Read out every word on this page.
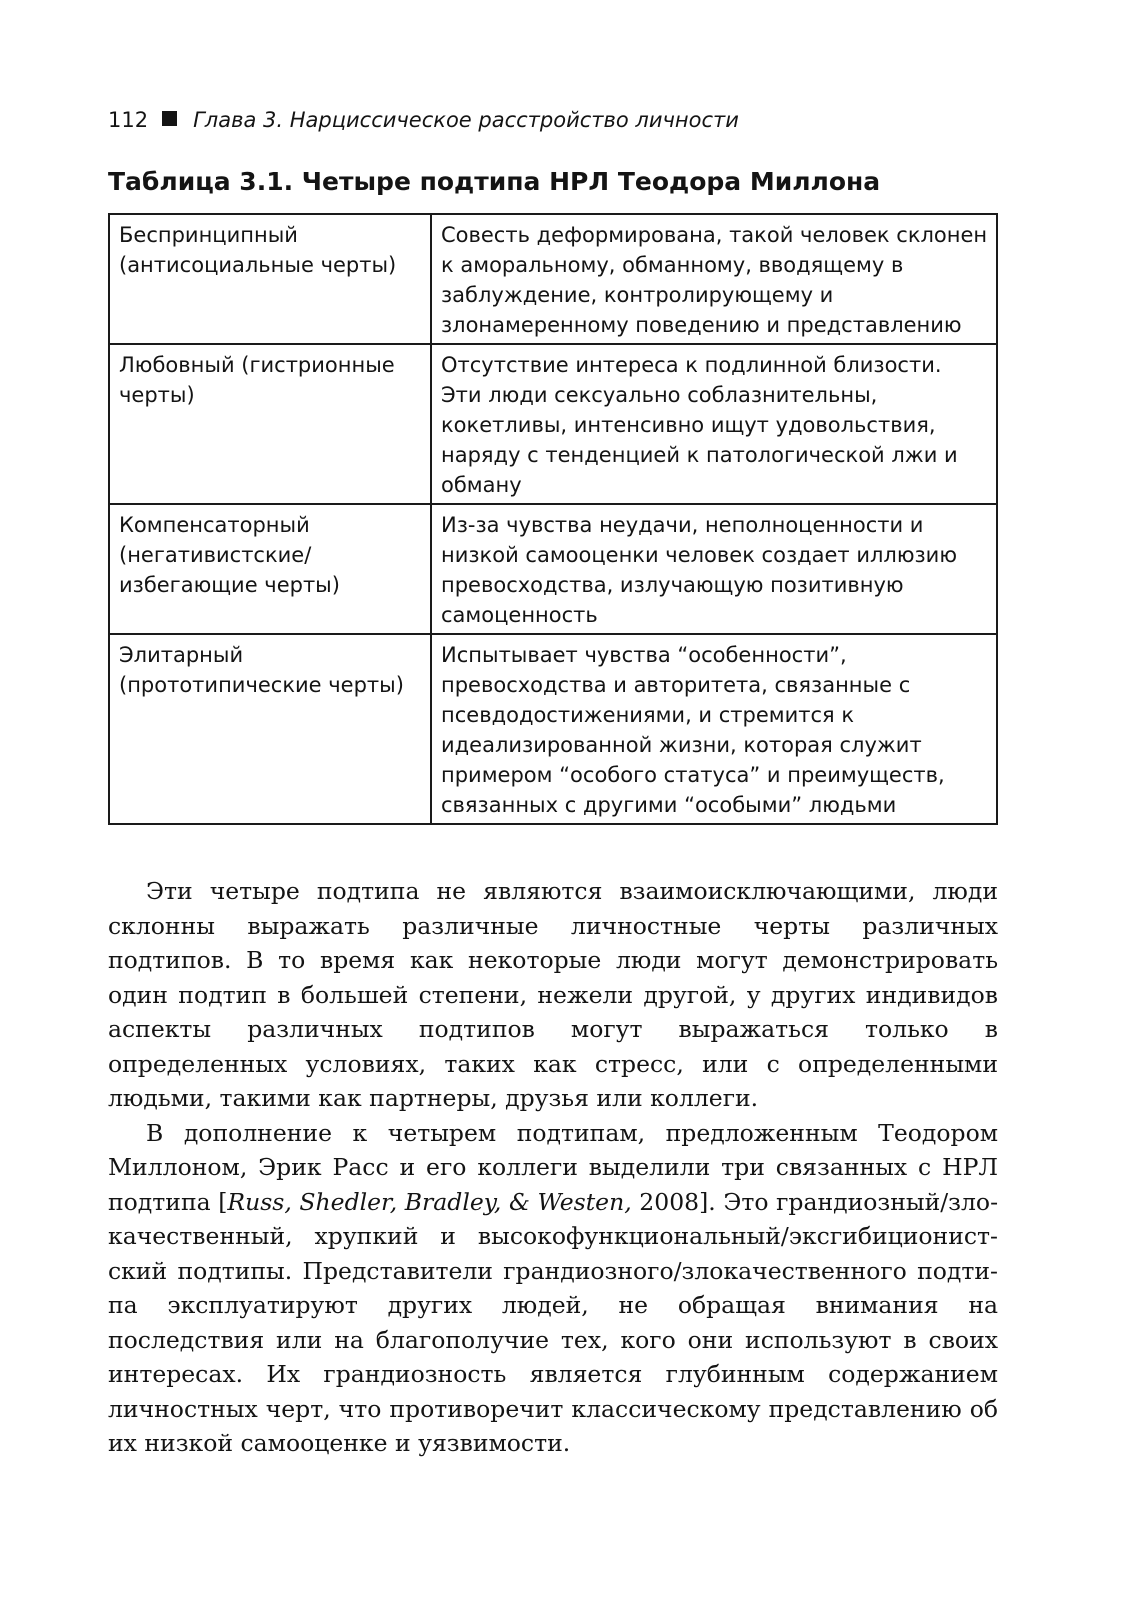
112 Глава 3. Нарциссическое расстройство личности
Таблица 3.1. Четыре подтипа НРЛ Теодора Миллона
Беспринципный (антисоциальные черты)	Совесть деформирована, такой человек склонен к аморальному, обманному, вводящему в заблуждение, контролирующему и злонамеренному поведению и представлению
Любовный (гистрионные черты)	Отсутствие интереса к подлинной близости. Эти люди сексуально соблазнительны, кокетливы, интенсивно ищут удовольствия, наряду с тенденцией к патологической лжи и обману
Компенсаторный (негативистские/ избегающие черты)	Из-за чувства неудачи, неполноценности и низкой самооценки человек создает иллюзию превосходства, излучающую позитивную самоценность
Элитарный (прототипические черты)	Испытывает чувства “особенности”, превосходства и авторитета, связанные с псевдодостижениями, и стремится к идеализированной жизни, которая служит примером “особого статуса” и преимуществ, связанных с другими “особыми” людьми

Эти четыре подтипа не являются взаимоисключающими, люди склонны выражать различные личностные черты различных подтипов. В то время как некоторые люди могут демонстрировать один подтип в большей степени, нежели другой, у других индивидов аспекты различных подтипов могут выражаться только в определенных условиях, таких как стресс, или с определенными людьми, такими как партнеры, друзья или коллеги.

В дополнение к четырем подтипам, предложенным Теодором Миллоном, Эрик Расс и его коллеги выделили три связанных с НРЛ подтипа [Russ, Shedler, Bradley, & Westen, 2008]. Это грандиозный/злокачественный, хрупкий и высокофункциональный/эксгибиционистский подтипы. Представители грандиозного/злокачественного подтипа эксплуатируют других людей, не обращая внимания на последствия или на благополучие тех, кого они используют в своих интересах. Их грандиозность является глубинным содержанием личностных черт, что противоречит классическому представлению об их низкой самооценке и уязвимости.
